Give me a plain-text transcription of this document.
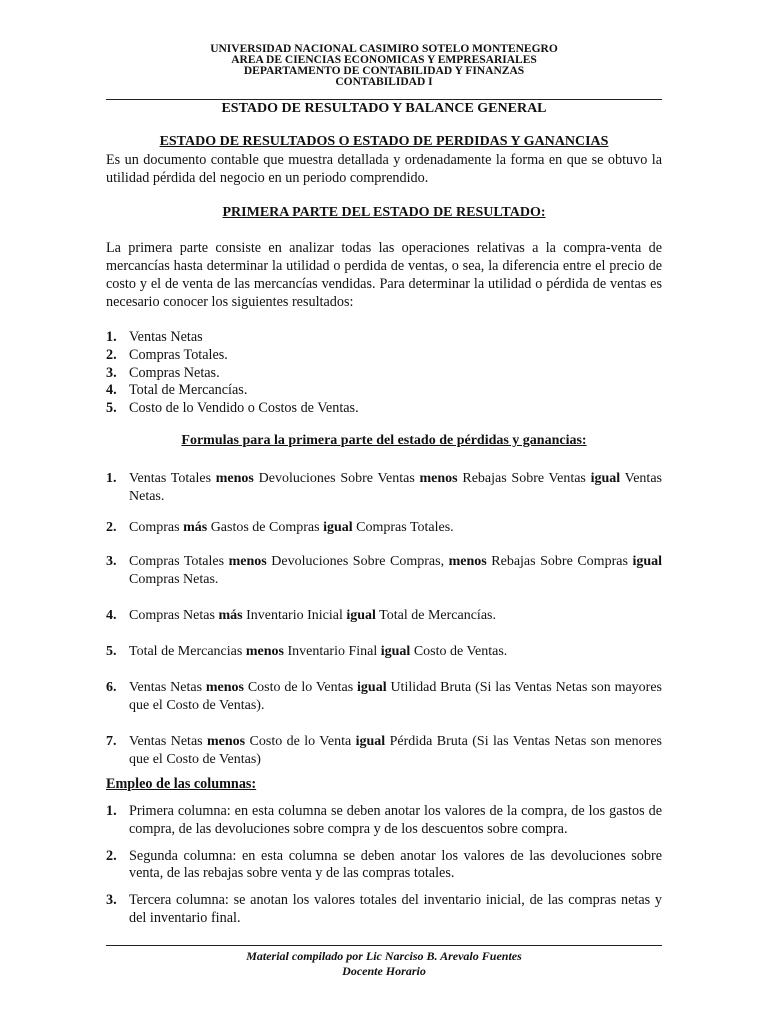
UNIVERSIDAD NACIONAL CASIMIRO SOTELO MONTENEGRO
AREA DE CIENCIAS ECONOMICAS Y EMPRESARIALES
DEPARTAMENTO DE CONTABILIDAD Y FINANZAS
CONTABILIDAD I
ESTADO DE RESULTADO Y BALANCE GENERAL
ESTADO DE RESULTADOS O ESTADO DE PERDIDAS Y GANANCIAS
Es un documento contable que muestra detallada y ordenadamente la forma en que se obtuvo la utilidad pérdida del negocio en un periodo comprendido.
PRIMERA PARTE DEL ESTADO DE RESULTADO:
La primera parte consiste en analizar todas las operaciones relativas a la compra-venta de mercancías hasta determinar la utilidad o perdida de ventas, o sea, la diferencia entre el precio de costo y el de venta de las mercancías vendidas. Para determinar la utilidad o pérdida de ventas es necesario conocer los siguientes resultados:
1. Ventas Netas
2. Compras Totales.
3. Compras Netas.
4. Total de Mercancías.
5. Costo de lo Vendido o Costos de Ventas.
Formulas para la primera parte del estado de pérdidas y ganancias:
1. Ventas Totales menos Devoluciones Sobre Ventas menos Rebajas Sobre Ventas igual Ventas Netas.
2. Compras más Gastos de Compras igual Compras Totales.
3. Compras Totales menos Devoluciones Sobre Compras, menos Rebajas Sobre Compras igual Compras Netas.
4. Compras Netas más Inventario Inicial igual Total de Mercancías.
5. Total de Mercancias menos Inventario Final igual Costo de Ventas.
6. Ventas Netas menos Costo de lo Ventas igual Utilidad Bruta (Si las Ventas Netas son mayores que el Costo de Ventas).
7. Ventas Netas menos Costo de lo Venta igual Pérdida Bruta (Si las Ventas Netas son menores que el Costo de Ventas)
Empleo de las columnas:
1. Primera columna: en esta columna se deben anotar los valores de la compra, de los gastos de compra, de las devoluciones sobre compra y de los descuentos sobre compra.
2. Segunda columna: en esta columna se deben anotar los valores de las devoluciones sobre venta, de las rebajas sobre venta y de las compras totales.
3. Tercera columna: se anotan los valores totales del inventario inicial, de las compras netas y del inventario final.
Material compilado por Lic Narciso B. Arevalo Fuentes
Docente Horario
